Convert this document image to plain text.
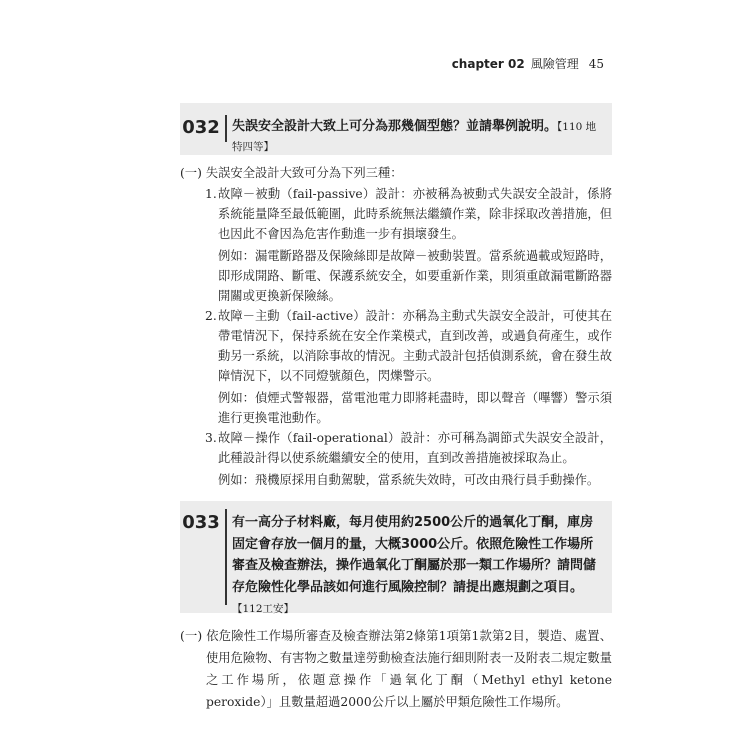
chapter 02 風險管理 45
032 失誤安全設計大致上可分為那幾個型態？並請舉例說明。【110 地特四等】
(一) 失誤安全設計大致可分為下列三種：
1. 故障－被動（fail-passive）設計：亦被稱為被動式失誤安全設計，係將系統能量降至最低範圍，此時系統無法繼續作業，除非採取改善措施，但也因此不會因為危害作動進一步有損壞發生。

例如：漏電斷路器及保險絲即是故障－被動裝置。當系統過載或短路時，即形成開路、斷電、保護系統安全，如要重新作業，則須重啟漏電斷路器開關或更換新保險絲。

2. 故障－主動（fail-active）設計：亦稱為主動式失誤安全設計，可使其在帶電情況下，保持系統在安全作業模式，直到改善，或過負荷產生，或作動另一系統，以消除事故的情況。主動式設計包括偵測系統，會在發生故障情況下，以不同燈號顏色，閃爍警示。

例如：偵煙式警報器，當電池電力即將耗盡時，即以聲音（嗶響）警示須進行更換電池動作。

3. 故障－操作（fail-operational）設計：亦可稱為調節式失誤安全設計，此種設計得以使系統繼續安全的使用，直到改善措施被採取為止。

例如：飛機原採用自動駕駛，當系統失效時，可改由飛行員手動操作。

033 有一高分子材料廠，每月使用約2500公斤的過氧化丁酮，庫房固定會存放一個月的量，大概3000公斤。依照危險性工作場所審查及檢查辦法，操作過氧化丁酮屬於那一類工作場所？請問儲存危險性化學品該如何進行風險控制？請提出應規劃之項目。【112工安】

(一) 依危險性工作場所審查及檢查辦法第2條第1項第1款第2目，製造、處置、使用危險物、有害物之數量達勞動檢查法施行細則附表一及附表二規定數量之工作場所，依題意操作「過氧化丁酮（Methyl ethyl ketone peroxide）」且數量超過2000公斤以上屬於甲類危險性工作場所。
